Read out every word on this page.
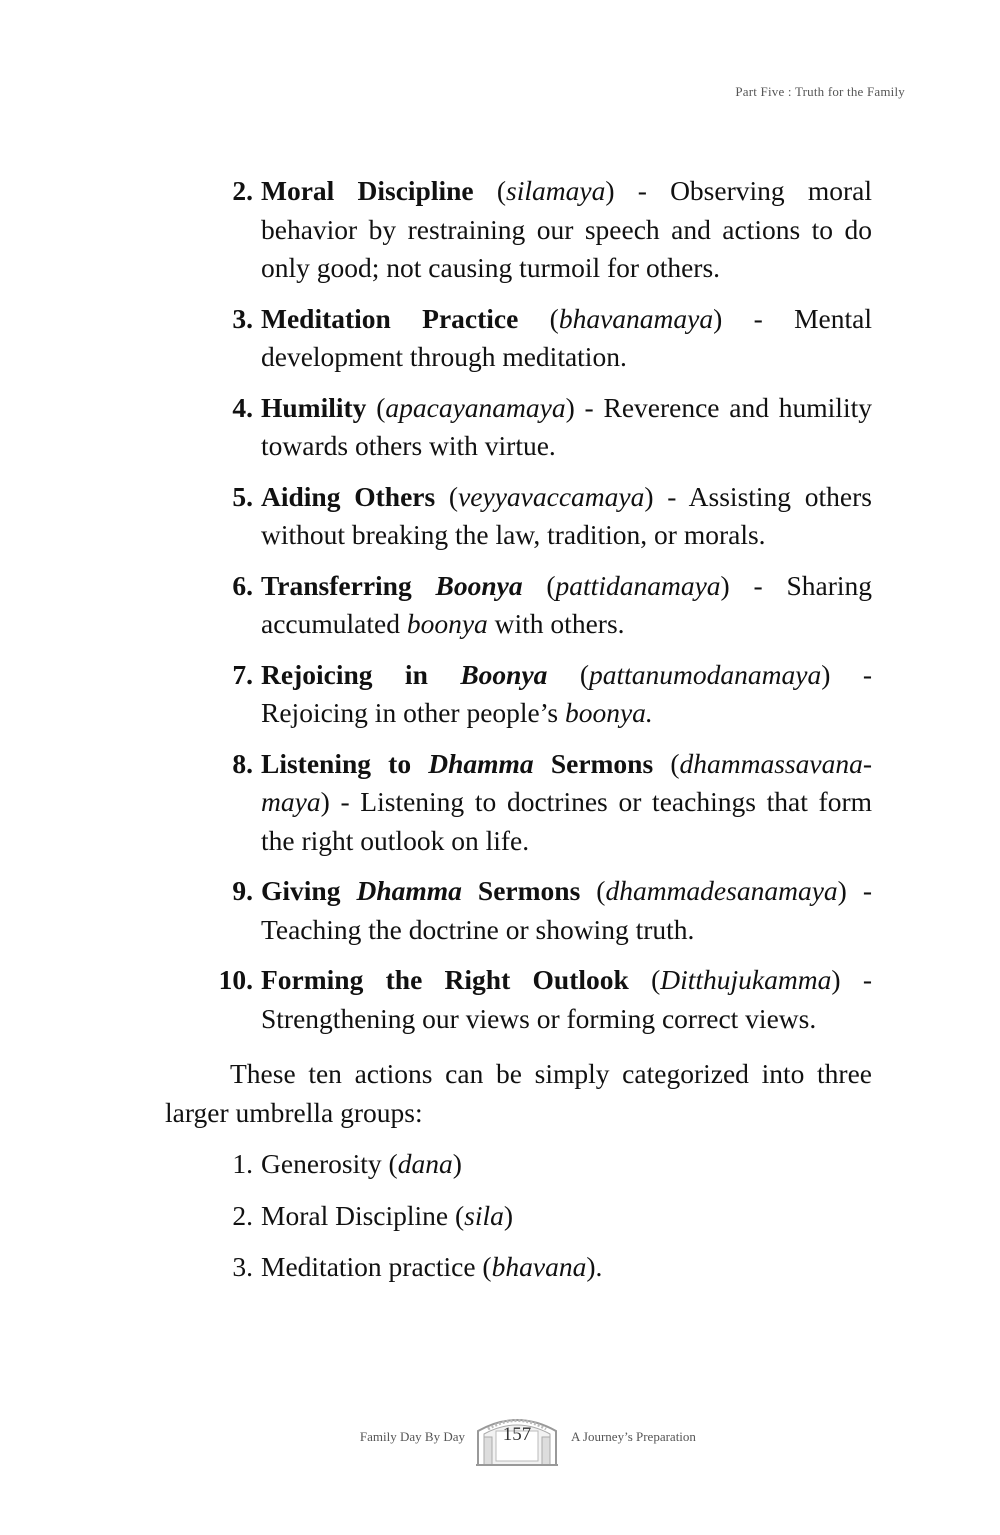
Part Five : Truth for the Family
2. Moral Discipline (silamaya) - Observing moral behavior by restraining our speech and actions to do only good; not causing turmoil for others.
3. Meditation Practice (bhavanamaya) - Mental development through meditation.
4. Humility (apacayanamaya) - Reverence and humility towards others with virtue.
5. Aiding Others (veyyavaccamaya) - Assisting others without breaking the law, tradition, or morals.
6. Transferring Boonya (pattidanamaya) - Sharing accumulated boonya with others.
7. Rejoicing in Boonya (pattanumodanamaya) - Rejoicing in other people’s boonya.
8. Listening to Dhamma Sermons (dhammassavana-maya) - Listening to doctrines or teachings that form the right outlook on life.
9. Giving Dhamma Sermons (dhammadesanamaya) - Teaching the doctrine or showing truth.
10. Forming the Right Outlook (Ditthujukamma) - Strengthening our views or forming correct views.
These ten actions can be simply categorized into three larger umbrella groups:
1. Generosity (dana)
2. Moral Discipline (sila)
3. Meditation practice (bhavana).
Family Day By Day	157	A Journey’s Preparation
